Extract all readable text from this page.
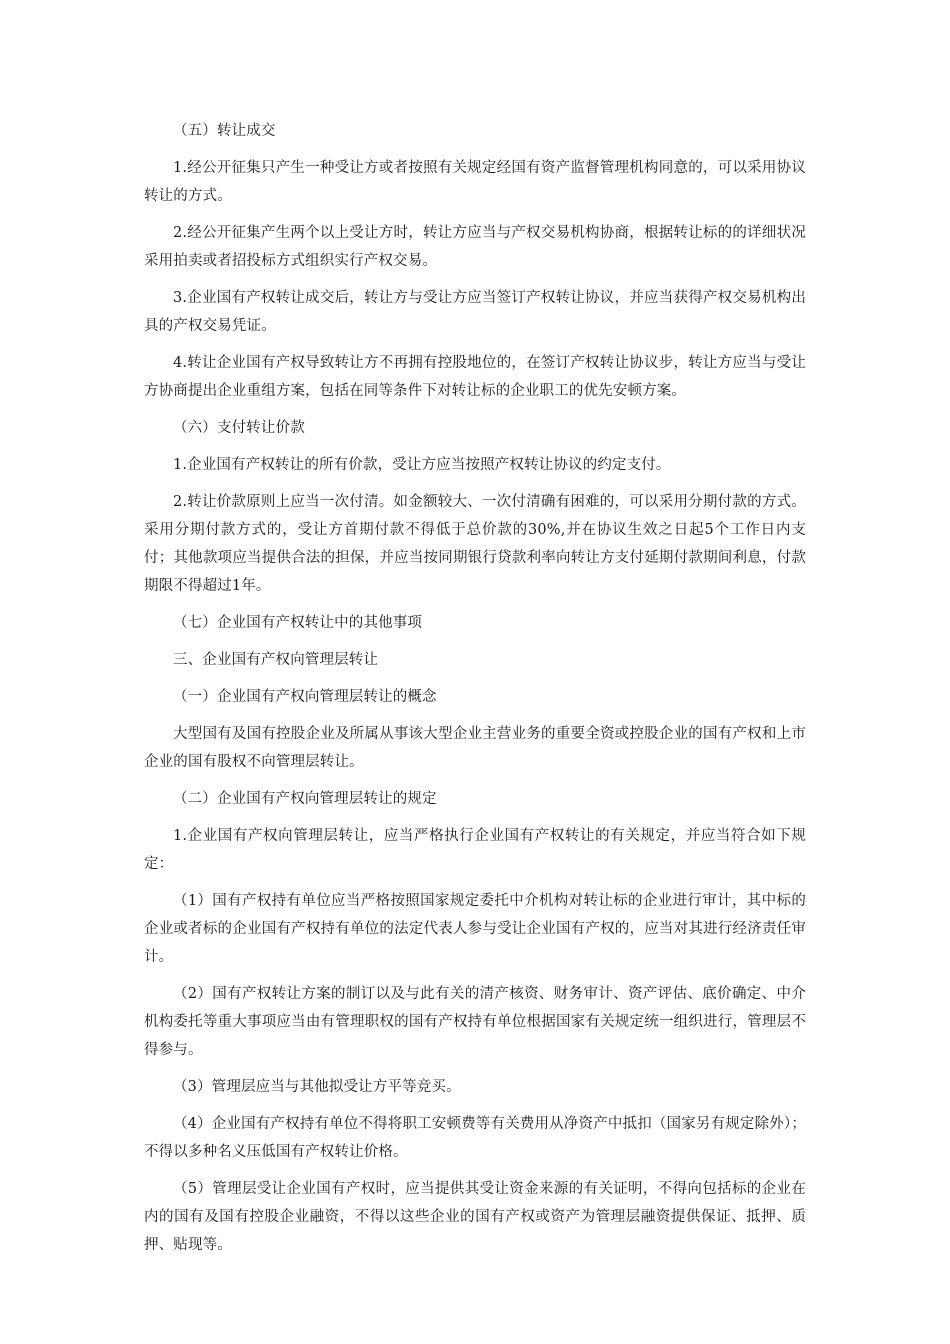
（五）转让成交

1.经公开征集只产生一种受让方或者按照有关规定经国有资产监督管理机构同意的，可以采用协议转让的方式。

2.经公开征集产生两个以上受让方时，转让方应当与产权交易机构协商，根据转让标的的详细状况采用拍卖或者招投标方式组织实行产权交易。

3.企业国有产权转让成交后，转让方与受让方应当签订产权转让协议，并应当获得产权交易机构出具的产权交易凭证。

4.转让企业国有产权导致转让方不再拥有控股地位的，在签订产权转让协议步，转让方应当与受让方协商提出企业重组方案，包括在同等条件下对转让标的企业职工的优先安顿方案。

（六）支付转让价款

1.企业国有产权转让的所有价款，受让方应当按照产权转让协议的约定支付。

2.转让价款原则上应当一次付清。如金额较大、一次付清确有困难的，可以采用分期付款的方式。采用分期付款方式的，受让方首期付款不得低于总价款的30%,并在协议生效之日起5个工作日内支付；其他款项应当提供合法的担保，并应当按同期银行贷款利率向转让方支付延期付款期间利息，付款期限不得超过1年。

（七）企业国有产权转让中的其他事项

三、企业国有产权向管理层转让

（一）企业国有产权向管理层转让的概念

大型国有及国有控股企业及所属从事该大型企业主营业务的重要全资或控股企业的国有产权和上市企业的国有股权不向管理层转让。

（二）企业国有产权向管理层转让的规定

1.企业国有产权向管理层转让，应当严格执行企业国有产权转让的有关规定，并应当符合如下规定：

（1）国有产权持有单位应当严格按照国家规定委托中介机构对转让标的企业进行审计，其中标的企业或者标的企业国有产权持有单位的法定代表人参与受让企业国有产权的，应当对其进行经济责任审计。

（2）国有产权转让方案的制订以及与此有关的清产核资、财务审计、资产评估、底价确定、中介机构委托等重大事项应当由有管理职权的国有产权持有单位根据国家有关规定统一组织进行，管理层不得参与。

（3）管理层应当与其他拟受让方平等竞买。

（4）企业国有产权持有单位不得将职工安顿费等有关费用从净资产中抵扣（国家另有规定除外）；不得以多种名义压低国有产权转让价格。

（5）管理层受让企业国有产权时，应当提供其受让资金来源的有关证明，不得向包括标的企业在内的国有及国有控股企业融资，不得以这些企业的国有产权或资产为管理层融资提供保证、抵押、质押、贴现等。
